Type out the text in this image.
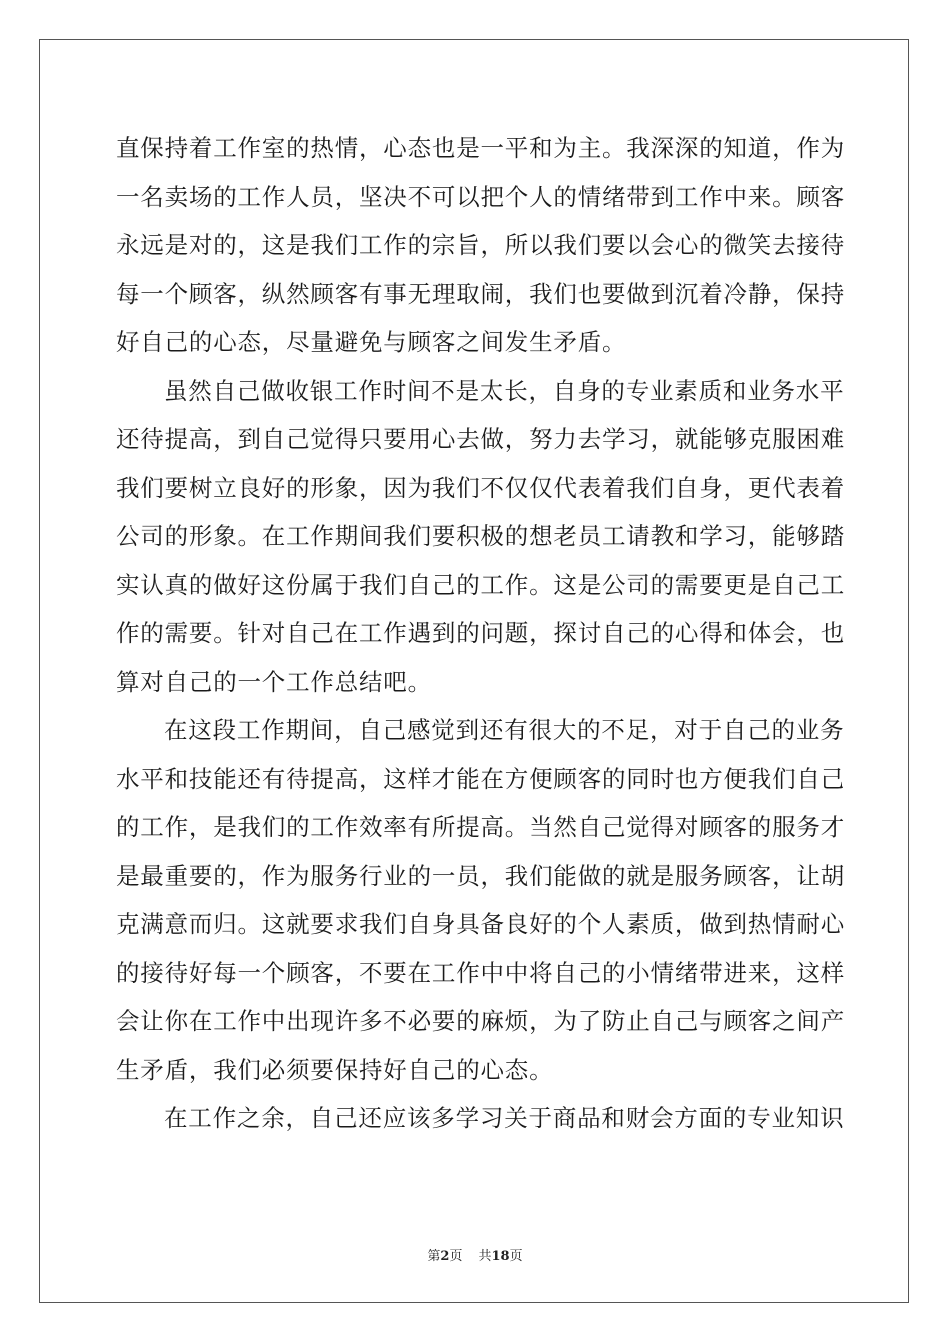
直保持着工作室的热情，心态也是一平和为主。我深深的知道，作为
一名卖场的工作人员，坚决不可以把个人的情绪带到工作中来。顾客
永远是对的，这是我们工作的宗旨，所以我们要以会心的微笑去接待
每一个顾客，纵然顾客有事无理取闹，我们也要做到沉着冷静，保持
好自己的心态，尽量避免与顾客之间发生矛盾。
虽然自己做收银工作时间不是太长，自身的专业素质和业务水平
还待提高，到自己觉得只要用心去做，努力去学习，就能够克服困难
我们要树立良好的形象，因为我们不仅仅代表着我们自身，更代表着
公司的形象。在工作期间我们要积极的想老员工请教和学习，能够踏
实认真的做好这份属于我们自己的工作。这是公司的需要更是自己工
作的需要。针对自己在工作遇到的问题，探讨自己的心得和体会，也
算对自己的一个工作总结吧。
在这段工作期间，自己感觉到还有很大的不足，对于自己的业务
水平和技能还有待提高，这样才能在方便顾客的同时也方便我们自己
的工作，是我们的工作效率有所提高。当然自己觉得对顾客的服务才
是最重要的，作为服务行业的一员，我们能做的就是服务顾客，让胡
克满意而归。这就要求我们自身具备良好的个人素质，做到热情耐心
的接待好每一个顾客，不要在工作中中将自己的小情绪带进来，这样
会让你在工作中出现许多不必要的麻烦，为了防止自己与顾客之间产
生矛盾，我们必须要保持好自己的心态。
在工作之余，自己还应该多学习关于商品和财会方面的专业知识
第2页 共18页
